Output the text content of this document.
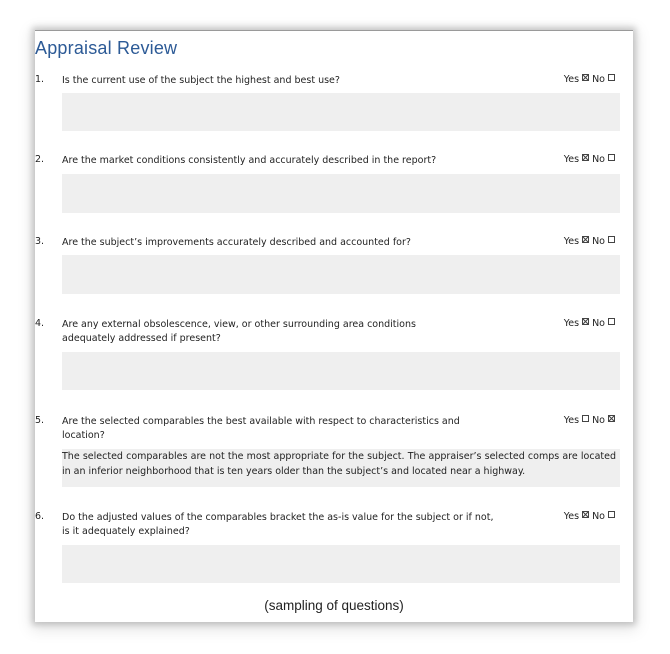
Appraisal Review
1. Is the current use of the subject the highest and best use?	Yes No
2. Are the market conditions consistently and accurately described in the report?	Yes No
3. Are the subject’s improvements accurately described and accounted for?	Yes No
4. Are any external obsolescence, view, or other surrounding area conditions adequately addressed if present?
Yes No
5. Are the selected comparables the best available with respect to characteristics and location?
Yes No
The selected comparables are not the most appropriate for the subject. The appraiser’s selected comps are located in an inferior neighborhood that is ten years older than the subject’s and located near a highway.
6. Do the adjusted values of the comparables bracket the as-is value for the subject or if not, is it adequately explained?
Yes No
(sampling of questions)
